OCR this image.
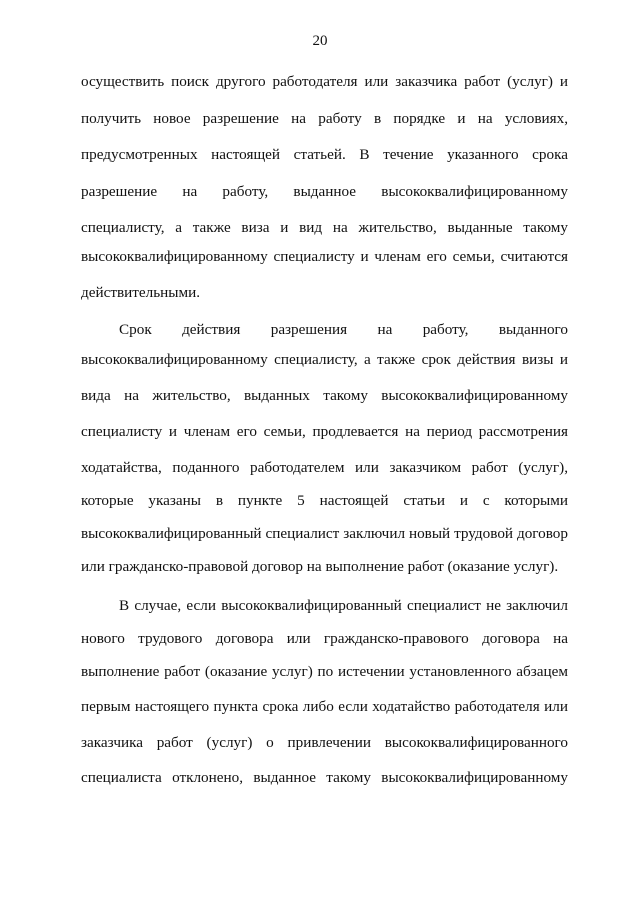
20
осуществить поиск другого работодателя или заказчика работ (услуг) и
получить новое разрешение на работу в порядке и на условиях,
предусмотренных настоящей статьей. В течение указанного срока
разрешение на работу, выданное высококвалифицированному
специалисту, а также виза и вид на жительство, выданные такому
высококвалифицированному специалисту и членам его семьи, считаются
действительными.
Срок действия разрешения на работу, выданного
высококвалифицированному специалисту, а также срок действия визы и
вида на жительство, выданных такому высококвалифицированному
специалисту и членам его семьи, продлевается на период рассмотрения
ходатайства, поданного работодателем или заказчиком работ (услуг),
которые указаны в пункте 5 настоящей статьи и с которыми
высококвалифицированный специалист заключил новый трудовой договор
или гражданско-правовой договор на выполнение работ (оказание услуг).
В случае, если высококвалифицированный специалист не заключил
нового трудового договора или гражданско-правового договора на
выполнение работ (оказание услуг) по истечении установленного абзацем
первым настоящего пункта срока либо если ходатайство работодателя или
заказчика работ (услуг) о привлечении высококвалифицированного
специалиста отклонено, выданное такому высококвалифицированному
